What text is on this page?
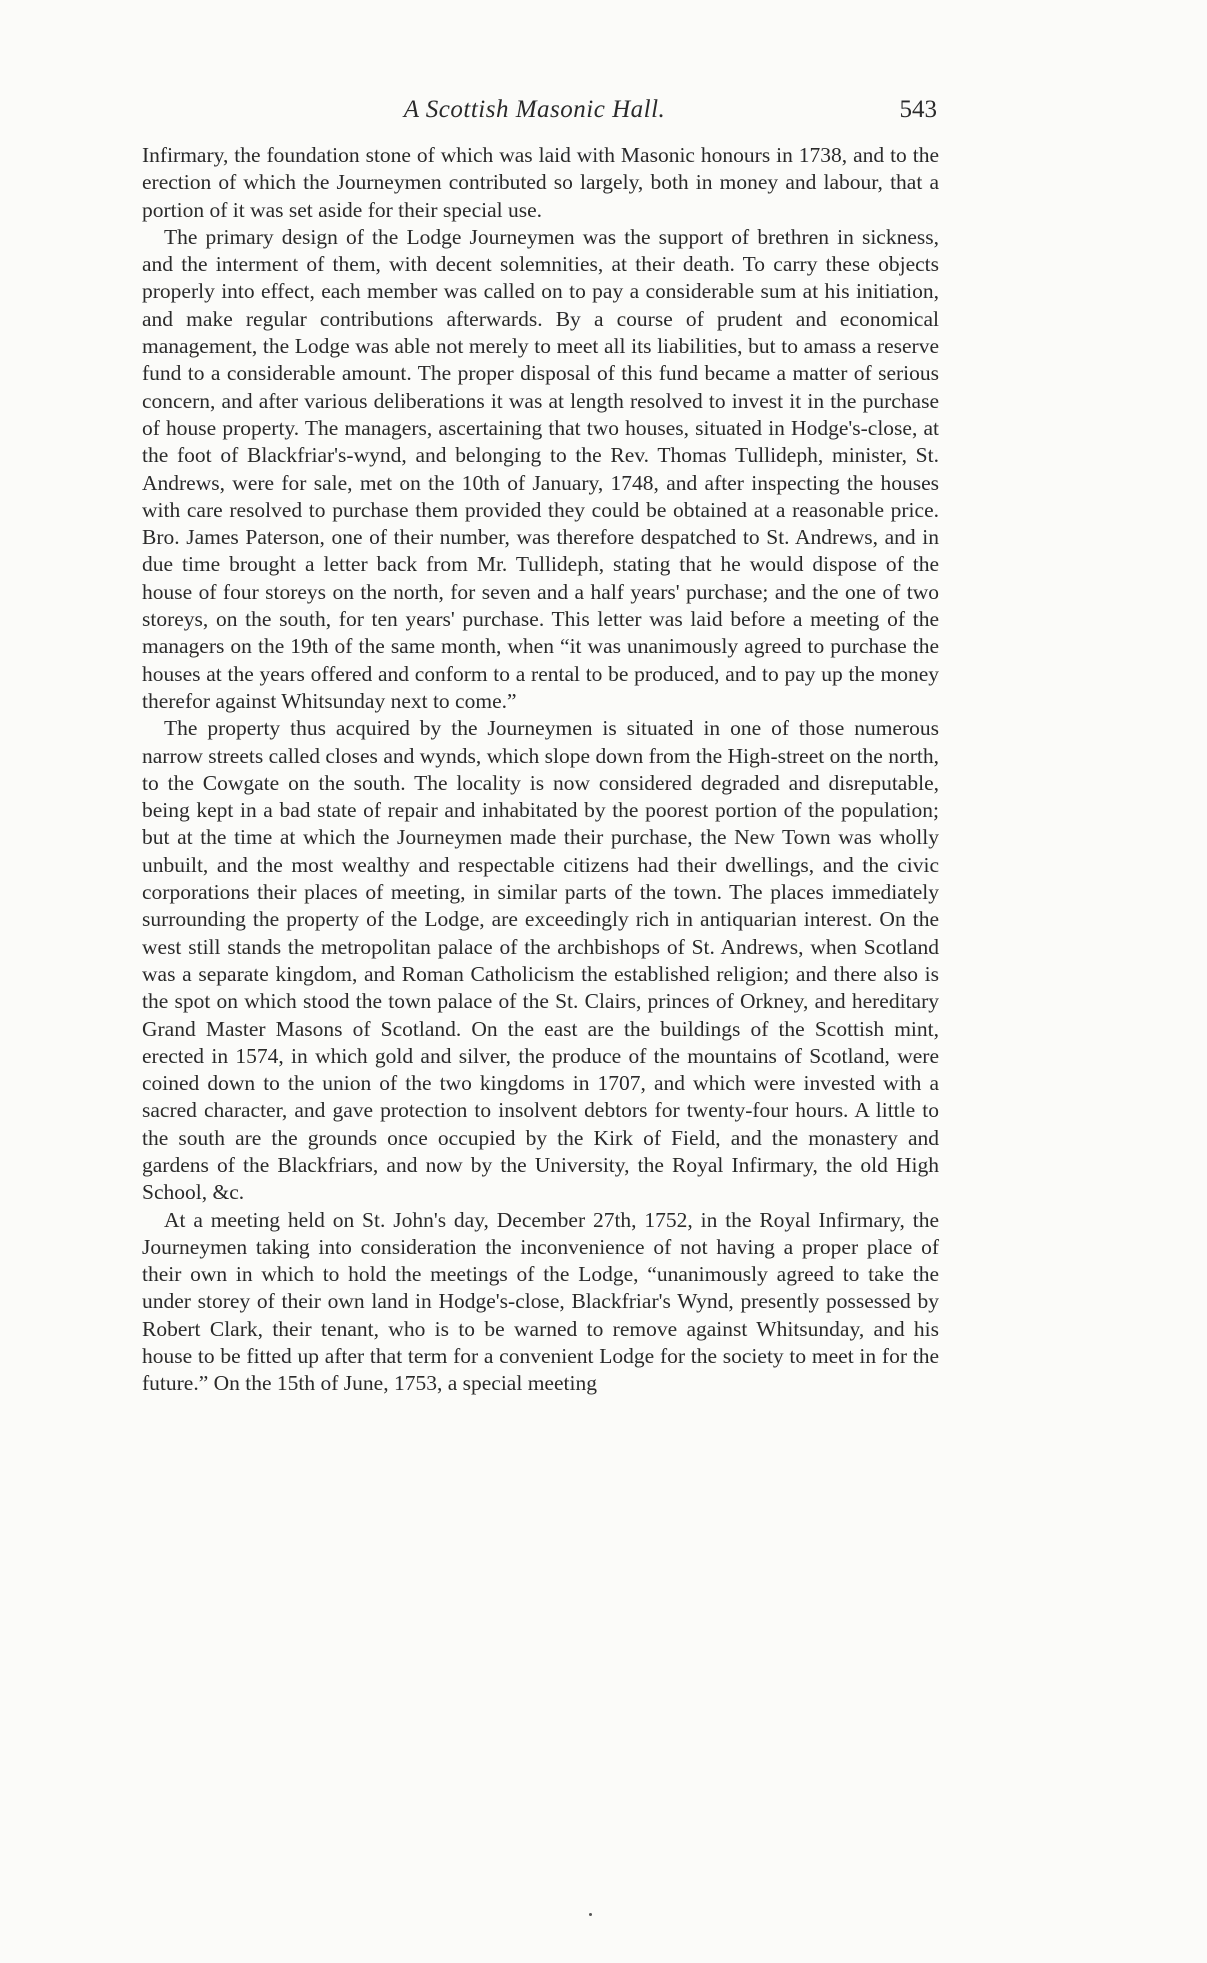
A Scottish Masonic Hall.	543

Infirmary, the foundation stone of which was laid with Masonic honours in 1738, and to the erection of which the Journeymen contributed so largely, both in money and labour, that a portion of it was set aside for their special use.

The primary design of the Lodge Journeymen was the support of brethren in sickness, and the interment of them, with decent solemnities, at their death. To carry these objects properly into effect, each member was called on to pay a considerable sum at his initiation, and make regular contributions afterwards. By a course of prudent and economical management, the Lodge was able not merely to meet all its liabilities, but to amass a reserve fund to a considerable amount. The proper disposal of this fund became a matter of serious concern, and after various deliberations it was at length resolved to invest it in the purchase of house property. The managers, ascertaining that two houses, situated in Hodge's-close, at the foot of Blackfriar's-wynd, and belonging to the Rev. Thomas Tullideph, minister, St. Andrews, were for sale, met on the 10th of January, 1748, and after inspecting the houses with care resolved to purchase them provided they could be obtained at a reasonable price. Bro. James Paterson, one of their number, was therefore despatched to St. Andrews, and in due time brought a letter back from Mr. Tullideph, stating that he would dispose of the house of four storeys on the north, for seven and a half years' purchase; and the one of two storeys, on the south, for ten years' purchase. This letter was laid before a meeting of the managers on the 19th of the same month, when “it was unanimously agreed to purchase the houses at the years offered and conform to a rental to be produced, and to pay up the money therefor against Whitsunday next to come.”

The property thus acquired by the Journeymen is situated in one of those numerous narrow streets called closes and wynds, which slope down from the High-street on the north, to the Cowgate on the south. The locality is now considered degraded and disreputable, being kept in a bad state of repair and inhabitated by the poorest portion of the population; but at the time at which the Journeymen made their purchase, the New Town was wholly unbuilt, and the most wealthy and respectable citizens had their dwellings, and the civic corporations their places of meeting, in similar parts of the town. The places immediately surrounding the property of the Lodge, are exceedingly rich in antiquarian interest. On the west still stands the metropolitan palace of the archbishops of St. Andrews, when Scotland was a separate kingdom, and Roman Catholicism the established religion; and there also is the spot on which stood the town palace of the St. Clairs, princes of Orkney, and hereditary Grand Master Masons of Scotland. On the east are the buildings of the Scottish mint, erected in 1574, in which gold and silver, the produce of the mountains of Scotland, were coined down to the union of the two kingdoms in 1707, and which were invested with a sacred character, and gave protection to insolvent debtors for twenty-four hours. A little to the south are the grounds once occupied by the Kirk of Field, and the monastery and gardens of the Blackfriars, and now by the University, the Royal Infirmary, the old High School, &c.

At a meeting held on St. John's day, December 27th, 1752, in the Royal Infirmary, the Journeymen taking into consideration the inconvenience of not having a proper place of their own in which to hold the meetings of the Lodge, “unanimously agreed to take the under storey of their own land in Hodge's-close, Blackfriar's Wynd, presently possessed by Robert Clark, their tenant, who is to be warned to remove against Whitsunday, and his house to be fitted up after that term for a convenient Lodge for the society to meet in for the future.” On the 15th of June, 1753, a special meeting
